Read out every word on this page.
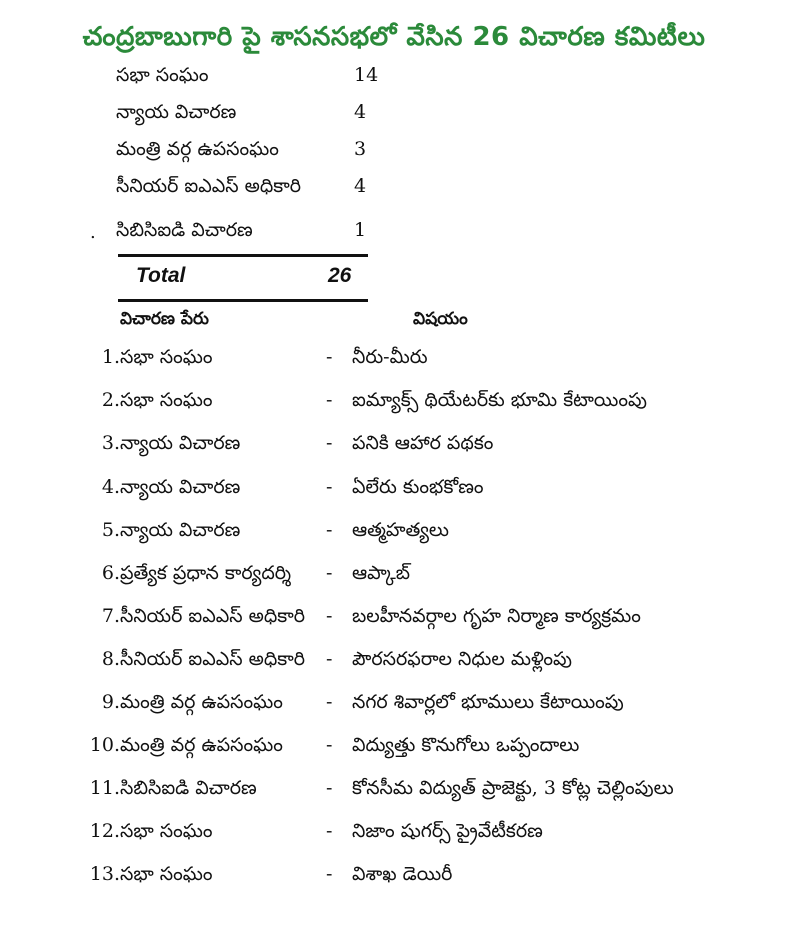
చంద్రబాబుగారి పై శాసనసభలో వేసిన 26 విచారణ కమిటీలు
సభా సంఘం	14
న్యాయ విచారణ	4
మంత్రి వర్గ ఉపసంఘం	3
సీనియర్ ఐఎఎస్ అధికారి	4
. సిబిసిఐడి విచారణ	1
Total	26
విచారణ పేరు	విషయం
1. సభా సంఘం	- నీరు-మీరు
2. సభా సంఘం	- ఐమ్యాక్స్ థియేటర్‌కు భూమి కేటాయింపు
3. న్యాయ విచారణ	- పనికి ఆహార పథకం
4. న్యాయ విచారణ	- ఏలేరు కుంభకోణం
5. న్యాయ విచారణ	- ఆత్మహత్యలు
6. ప్రత్యేక ప్రధాన కార్యదర్శి - ఆప్కాబ్
7. సీనియర్ ఐఎఎస్ అధికారి - బలహీనవర్గాల గృహ నిర్మాణ కార్యక్రమం
8. సీనియర్ ఐఎఎస్ అధికారి - పౌరసరఫరాల నిధుల మళ్లింపు
9. మంత్రి వర్గ ఉపసంఘం - నగర శివార్లలో భూములు కేటాయింపు
10. మంత్రి వర్గ ఉపసంఘం - విద్యుత్తు కొనుగోలు ఒప్పందాలు
11. సిబిసిఐడి విచారణ	- కోనసీమ విద్యుత్ ప్రాజెక్టు, 3 కోట్ల చెల్లింపులు
12. సభా సంఘం	- నిజాం షుగర్స్ ప్రైవేటీకరణ
13. సభా సంఘం	- విశాఖ డెయిరీ
